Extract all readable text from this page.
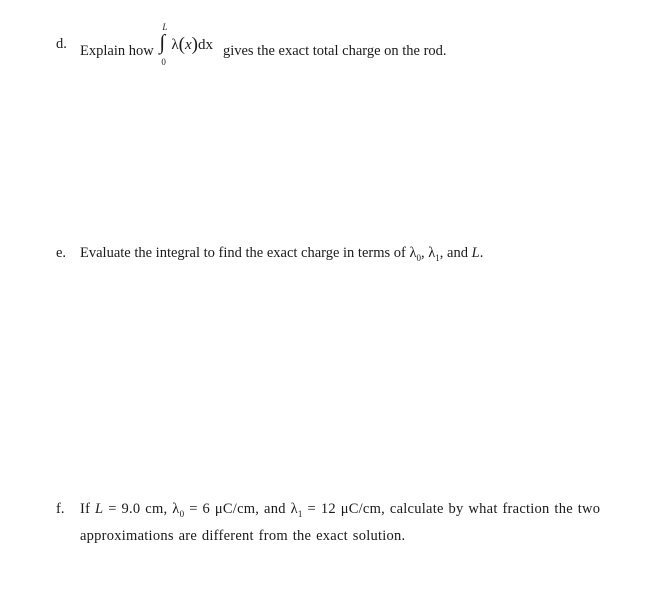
d. Explain how
L
∫
0
λ(x)dx gives the exact total charge on the rod.
e. Evaluate the integral to find the exact charge in terms of $\lambda_0$, $\lambda_1$, and L.
f.	If L = 9.0 cm, $\lambda_0 = 6$ μC/cm, and $\lambda_1 = 12$ μC/cm, calculate by what fraction the two
approximations are different from the exact solution.
